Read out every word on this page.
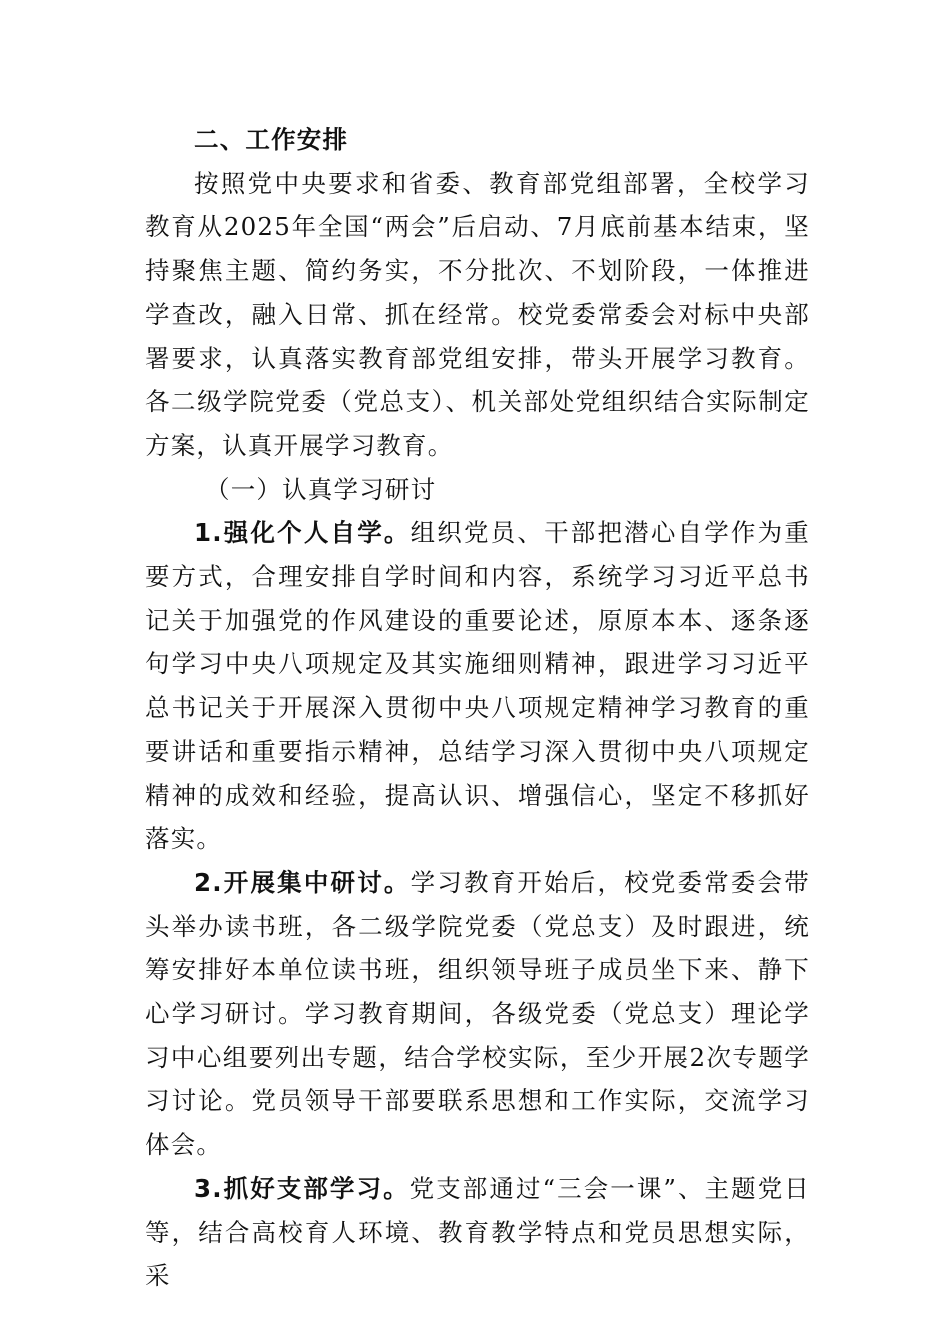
二、工作安排

按照党中央要求和省委、教育部党组部署，全校学习教育从2025年全国“两会”后启动、7月底前基本结束，坚持聚焦主题、简约务实，不分批次、不划阶段，一体推进学查改，融入日常、抓在经常。校党委常委会对标中央部署要求，认真落实教育部党组安排，带头开展学习教育。各二级学院党委（党总支）、机关部处党组织结合实际制定方案，认真开展学习教育。

（一）认真学习研讨

1.强化个人自学。组织党员、干部把潜心自学作为重要方式，合理安排自学时间和内容，系统学习习近平总书记关于加强党的作风建设的重要论述，原原本本、逐条逐句学习中央八项规定及其实施细则精神，跟进学习习近平总书记关于开展深入贯彻中央八项规定精神学习教育的重要讲话和重要指示精神，总结学习深入贯彻中央八项规定精神的成效和经验，提高认识、增强信心，坚定不移抓好落实。

2.开展集中研讨。学习教育开始后，校党委常委会带头举办读书班，各二级学院党委（党总支）及时跟进，统筹安排好本单位读书班，组织领导班子成员坐下来、静下心学习研讨。学习教育期间，各级党委（党总支）理论学习中心组要列出专题，结合学校实际，至少开展2次专题学习讨论。党员领导干部要联系思想和工作实际，交流学习体会。

3.抓好支部学习。党支部通过“三会一课”、主题党日等，结合高校育人环境、教育教学特点和党员思想实际，采
